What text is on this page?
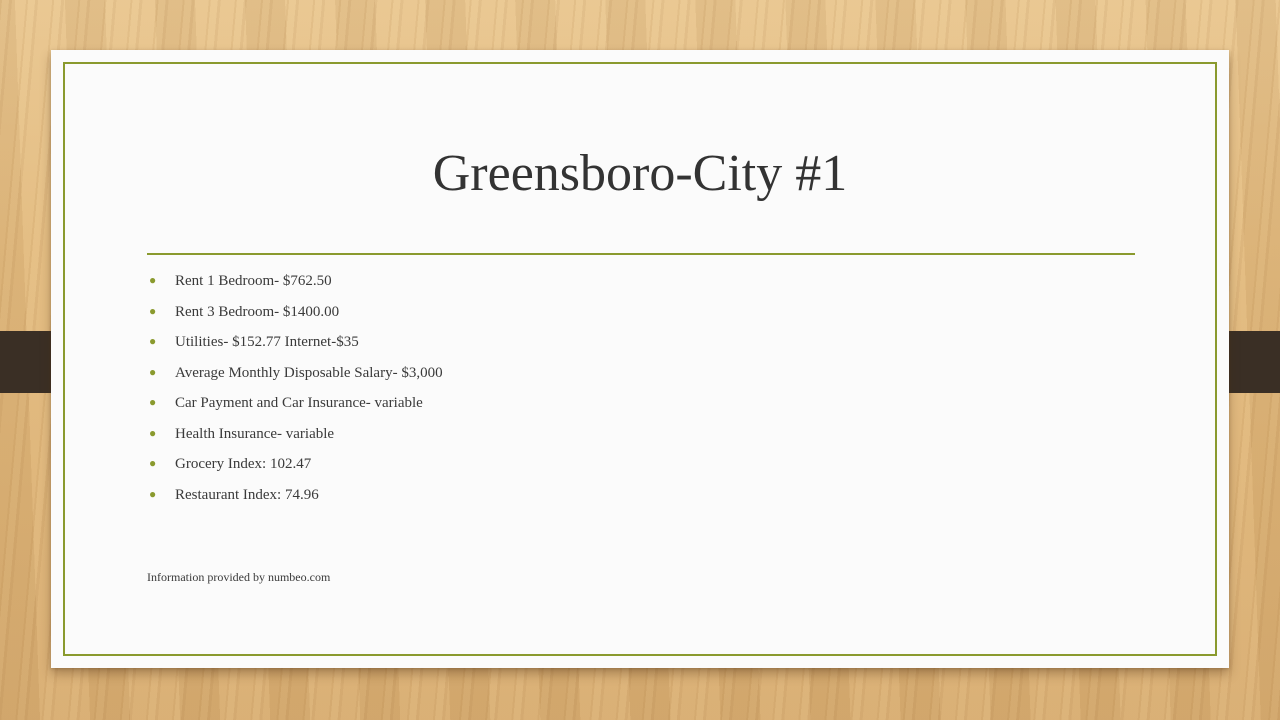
Greensboro-City #1
● Rent 1 Bedroom- $762.50
● Rent 3 Bedroom- $1400.00
● Utilities- $152.77 Internet-$35
● Average Monthly Disposable Salary- $3,000
● Car Payment and Car Insurance- variable
● Health Insurance- variable
● Grocery Index: 102.47
● Restaurant Index: 74.96
Information provided by numbeo.com
